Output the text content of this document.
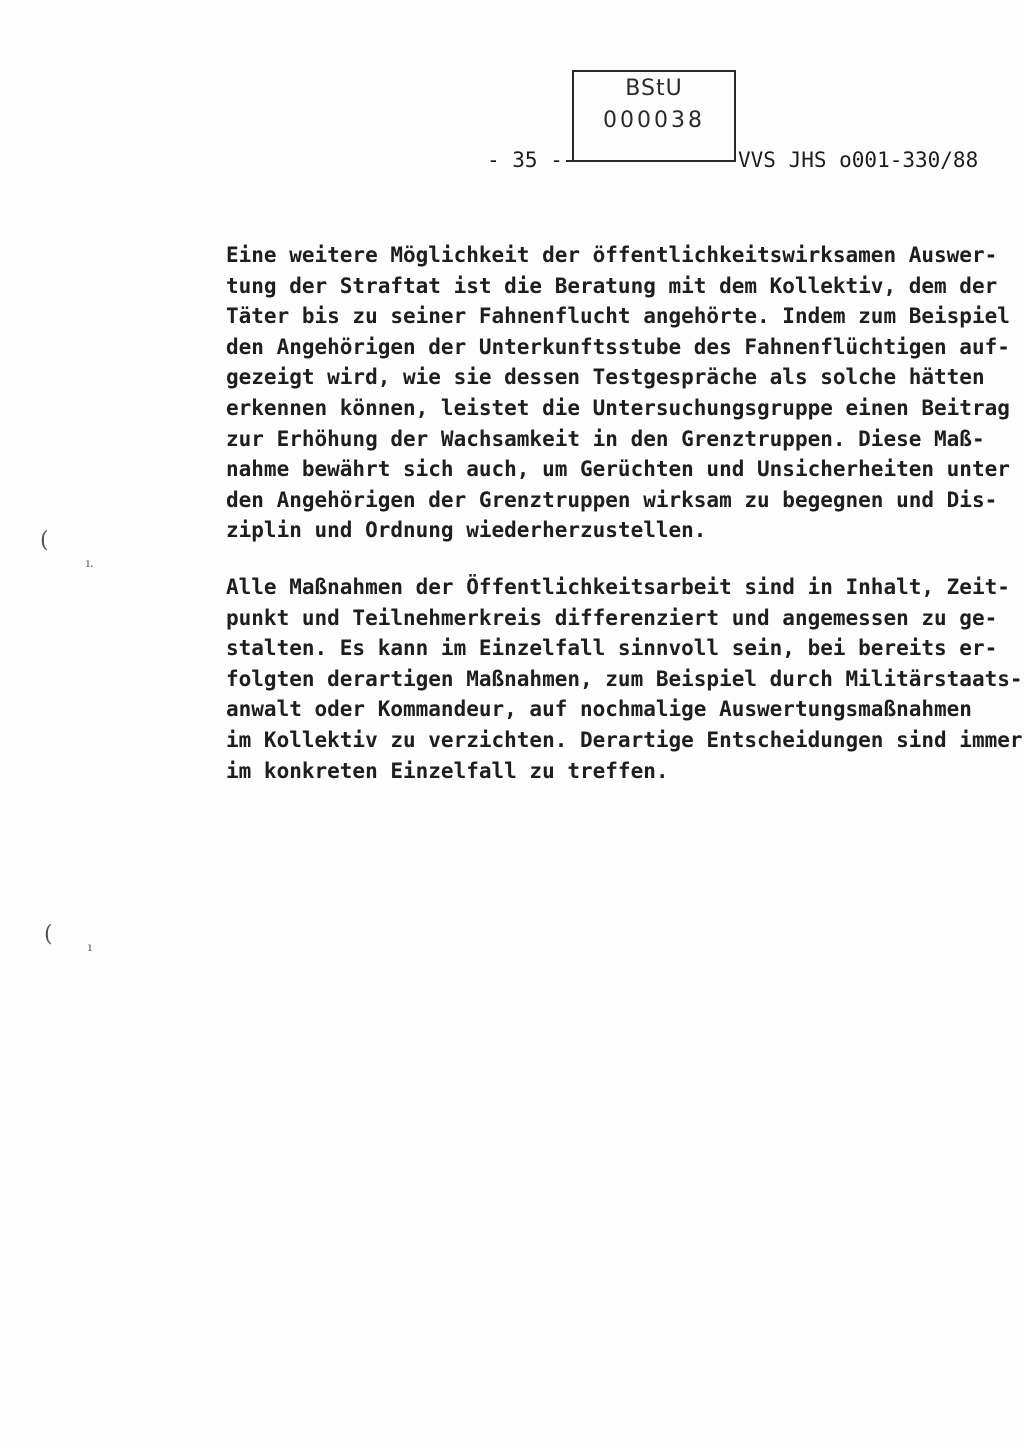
BStU
000038
- 35 -	VVS JHS o001-330/88
Eine weitere Möglichkeit der öffentlichkeitswirksamen Auswer-
tung der Straftat ist die Beratung mit dem Kollektiv, dem der
Täter bis zu seiner Fahnenflucht angehörte. Indem zum Beispiel
den Angehörigen der Unterkunftsstube des Fahnenflüchtigen auf-
gezeigt wird, wie sie dessen Testgespräche als solche hätten
erkennen können, leistet die Untersuchungsgruppe einen Beitrag
zur Erhöhung der Wachsamkeit in den Grenztruppen. Diese Maß-
nahme bewährt sich auch, um Gerüchten und Unsicherheiten unter
den Angehörigen der Grenztruppen wirksam zu begegnen und Dis-
ziplin und Ordnung wiederherzustellen.
Alle Maßnahmen der Öffentlichkeitsarbeit sind in Inhalt, Zeit-
punkt und Teilnehmerkreis differenziert und angemessen zu ge-
stalten. Es kann im Einzelfall sinnvoll sein, bei bereits er-
folgten derartigen Maßnahmen, zum Beispiel durch Militärstaats-
anwalt oder Kommandeur, auf nochmalige Auswertungsmaßnahmen
im Kollektiv zu verzichten. Derartige Entscheidungen sind immer
im konkreten Einzelfall zu treffen.
(
(
ı.
ı
